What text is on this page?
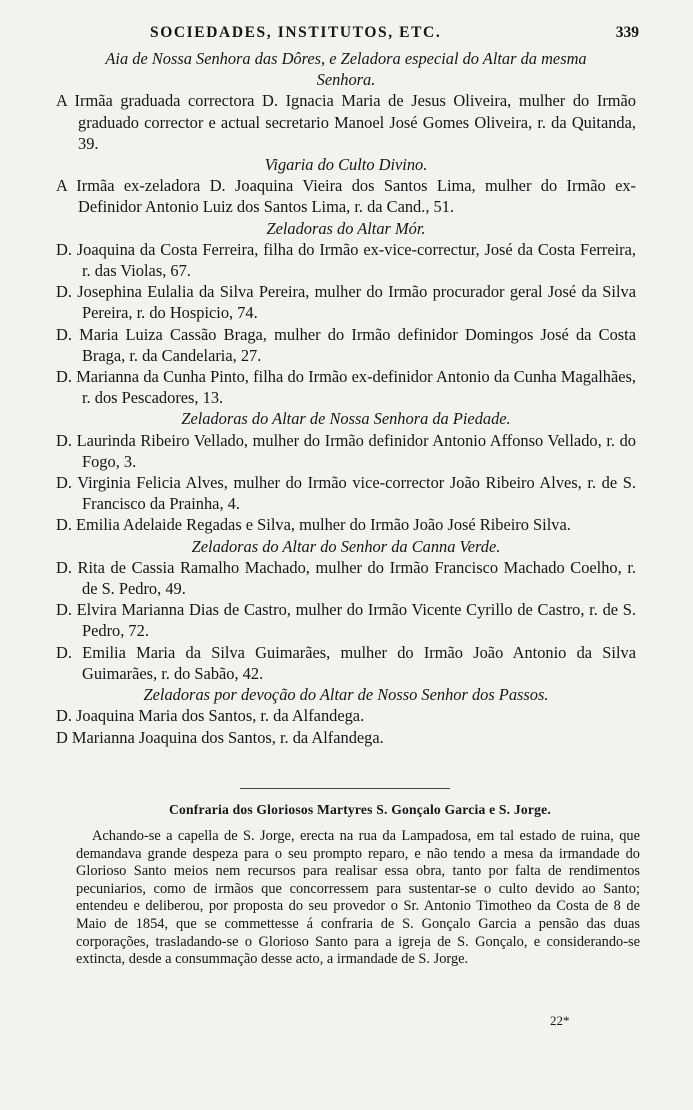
SOCIEDADES, INSTITUTOS, ETC.	339
Aia de Nossa Senhora das Dôres, e Zeladora especial do Altar da mesma Senhora.
A Irmãa graduada correctora D. Ignacia Maria de Jesus Oliveira, mulher do Irmão graduado corrector e actual secretario Manoel José Gomes Oliveira, r. da Quitanda, 39.
Vigaria do Culto Divino.
A Irmãa ex-zeladora D. Joaquina Vieira dos Santos Lima, mulher do Irmão ex-Definidor Antonio Luiz dos Santos Lima, r. da Cand., 51.
Zeladoras do Altar Mór.
D. Joaquina da Costa Ferreira, filha do Irmão ex-vice-correctur, José da Costa Ferreira, r. das Violas, 67.
D. Josephina Eulalia da Silva Pereira, mulher do Irmão procurador geral José da Silva Pereira, r. do Hospicio, 74.
D. Maria Luiza Cassão Braga, mulher do Irmão definidor Domingos José da Costa Braga, r. da Candelaria, 27.
D. Marianna da Cunha Pinto, filha do Irmão ex-definidor Antonio da Cunha Magalhães, r. dos Pescadores, 13.
Zeladoras do Altar de Nossa Senhora da Piedade.
D. Laurinda Ribeiro Vellado, mulher do Irmão definidor Antonio Affonso Vellado, r. do Fogo, 3.
D. Virginia Felicia Alves, mulher do Irmão vice-corrector João Ribeiro Alves, r. de S. Francisco da Prainha, 4.
D. Emilia Adelaide Regadas e Silva, mulher do Irmão João José Ribeiro Silva.
Zeladoras do Altar do Senhor da Canna Verde.
D. Rita de Cassia Ramalho Machado, mulher do Irmão Francisco Machado Coelho, r. de S. Pedro, 49.
D. Elvira Marianna Dias de Castro, mulher do Irmão Vicente Cyrillo de Castro, r. de S. Pedro, 72.
D. Emilia Maria da Silva Guimarães, mulher do Irmão João Antonio da Silva Guimarães, r. do Sabão, 42.
Zeladoras por devoção do Altar de Nosso Senhor dos Passos.
D. Joaquina Maria dos Santos, r. da Alfandega.
D Marianna Joaquina dos Santos, r. da Alfandega.
Confraria dos Gloriosos Martyres S. Gonçalo Garcia e S. Jorge.
Achando-se a capella de S. Jorge, erecta na rua da Lampadosa, em tal estado de ruina, que demandava grande despeza para o seu prompto reparo, e não tendo a mesa da irmandade do Glorioso Santo meios nem recursos para realisar essa obra, tanto por falta de rendimentos pecuniarios, como de irmãos que concorressem para sustentar-se o culto devido ao Santo; entendeu e deliberou, por proposta do seu provedor o Sr. Antonio Timotheo da Costa de 8 de Maio de 1854, que se commettesse á confraria de S. Gonçalo Garcia a pensão das duas corporações, trasladando-se o Glorioso Santo para a igreja de S. Gonçalo, e considerando-se extincta, desde a consummação desse acto, a irmandade de S. Jorge.
22*
